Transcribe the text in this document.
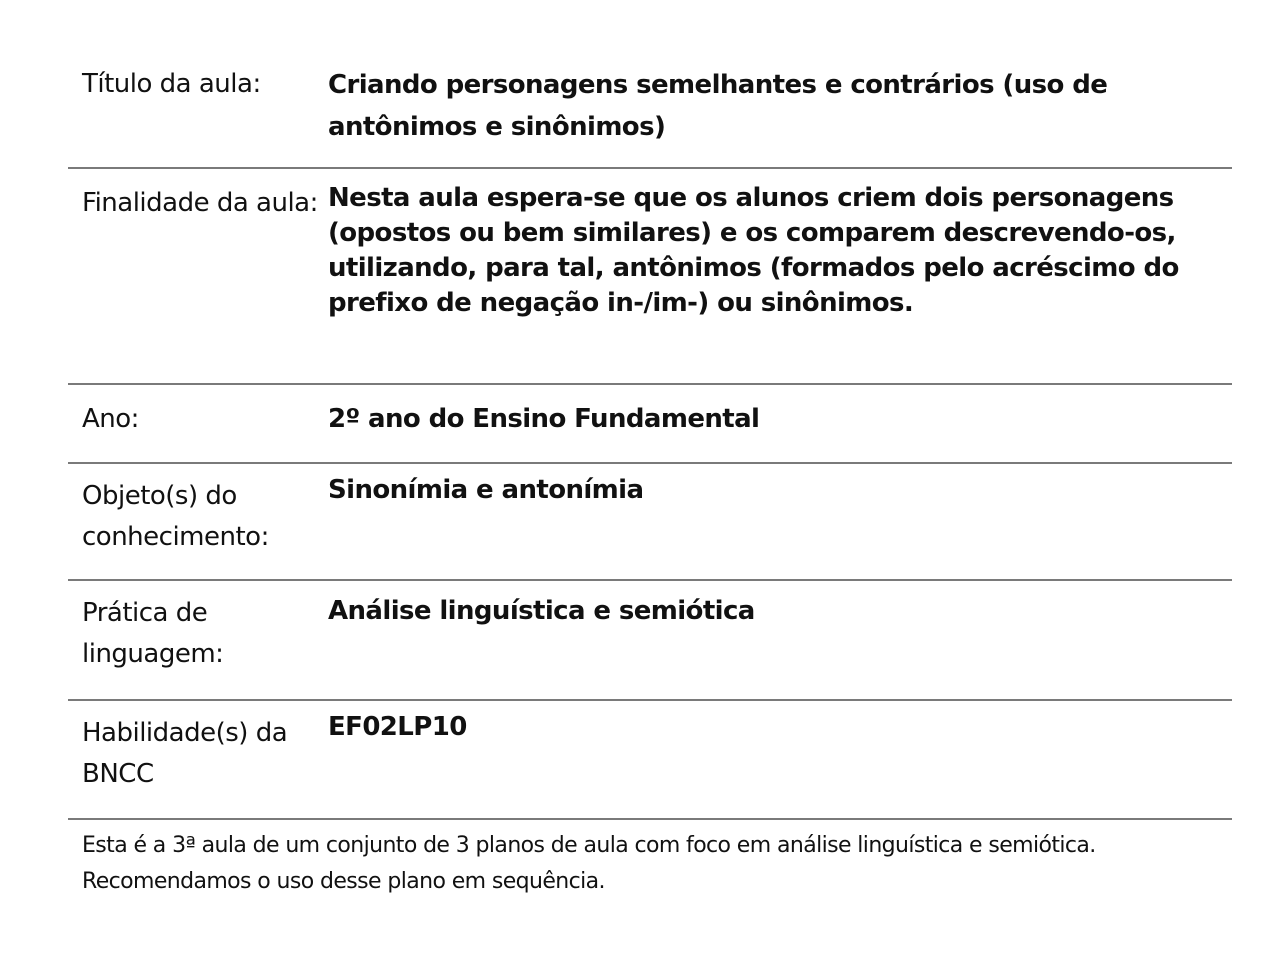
Título da aula:	Criando personagens semelhantes e contrários (uso de antônimos e sinônimos)
Finalidade da aula: Nesta aula espera-se que os alunos criem dois personagens (opostos ou bem similares) e os comparem descrevendo-os, utilizando, para tal, antônimos (formados pelo acréscimo do prefixo de negação in-/im-) ou sinônimos.
Ano:	2º ano do Ensino Fundamental
Objeto(s) do conhecimento:
Sinonímia e antonímia
Prática de linguagem:
Análise linguística e semiótica
Habilidade(s) da BNCC
EF02LP10
Esta é a 3ª aula de um conjunto de 3 planos de aula com foco em análise linguística e semiótica. Recomendamos o uso desse plano em sequência.
